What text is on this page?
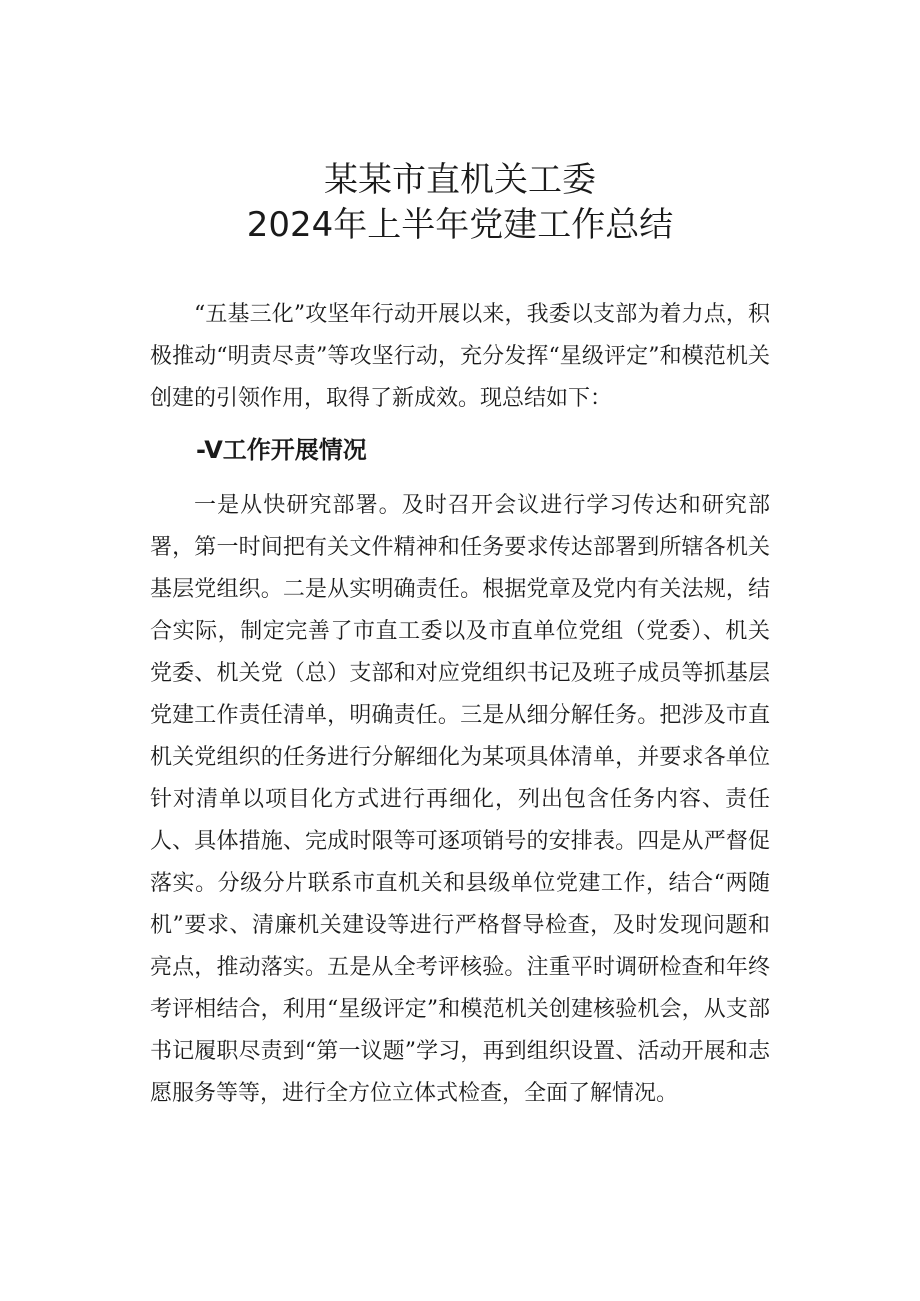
某某市直机关工委
2024年上半年党建工作总结

“五基三化”攻坚年行动开展以来，我委以支部为着力点，积极推动“明责尽责”等攻坚行动，充分发挥“星级评定”和模范机关创建的引领作用，取得了新成效。现总结如下：

-V工作开展情况

一是从快研究部署。及时召开会议进行学习传达和研究部署，第一时间把有关文件精神和任务要求传达部署到所辖各机关基层党组织。二是从实明确责任。根据党章及党内有关法规，结合实际，制定完善了市直工委以及市直单位党组（党委）、机关党委、机关党（总）支部和对应党组织书记及班子成员等抓基层党建工作责任清单，明确责任。三是从细分解任务。把涉及市直机关党组织的任务进行分解细化为某项具体清单，并要求各单位针对清单以项目化方式进行再细化，列出包含任务内容、责任人、具体措施、完成时限等可逐项销号的安排表。四是从严督促落实。分级分片联系市直机关和县级单位党建工作，结合“两随机”要求、清廉机关建设等进行严格督导检查，及时发现问题和亮点，推动落实。五是从全考评核验。注重平时调研检查和年终考评相结合，利用“星级评定”和模范机关创建核验机会，从支部书记履职尽责到“第一议题”学习，再到组织设置、活动开展和志愿服务等等，进行全方位立体式检查，全面了解情况。
